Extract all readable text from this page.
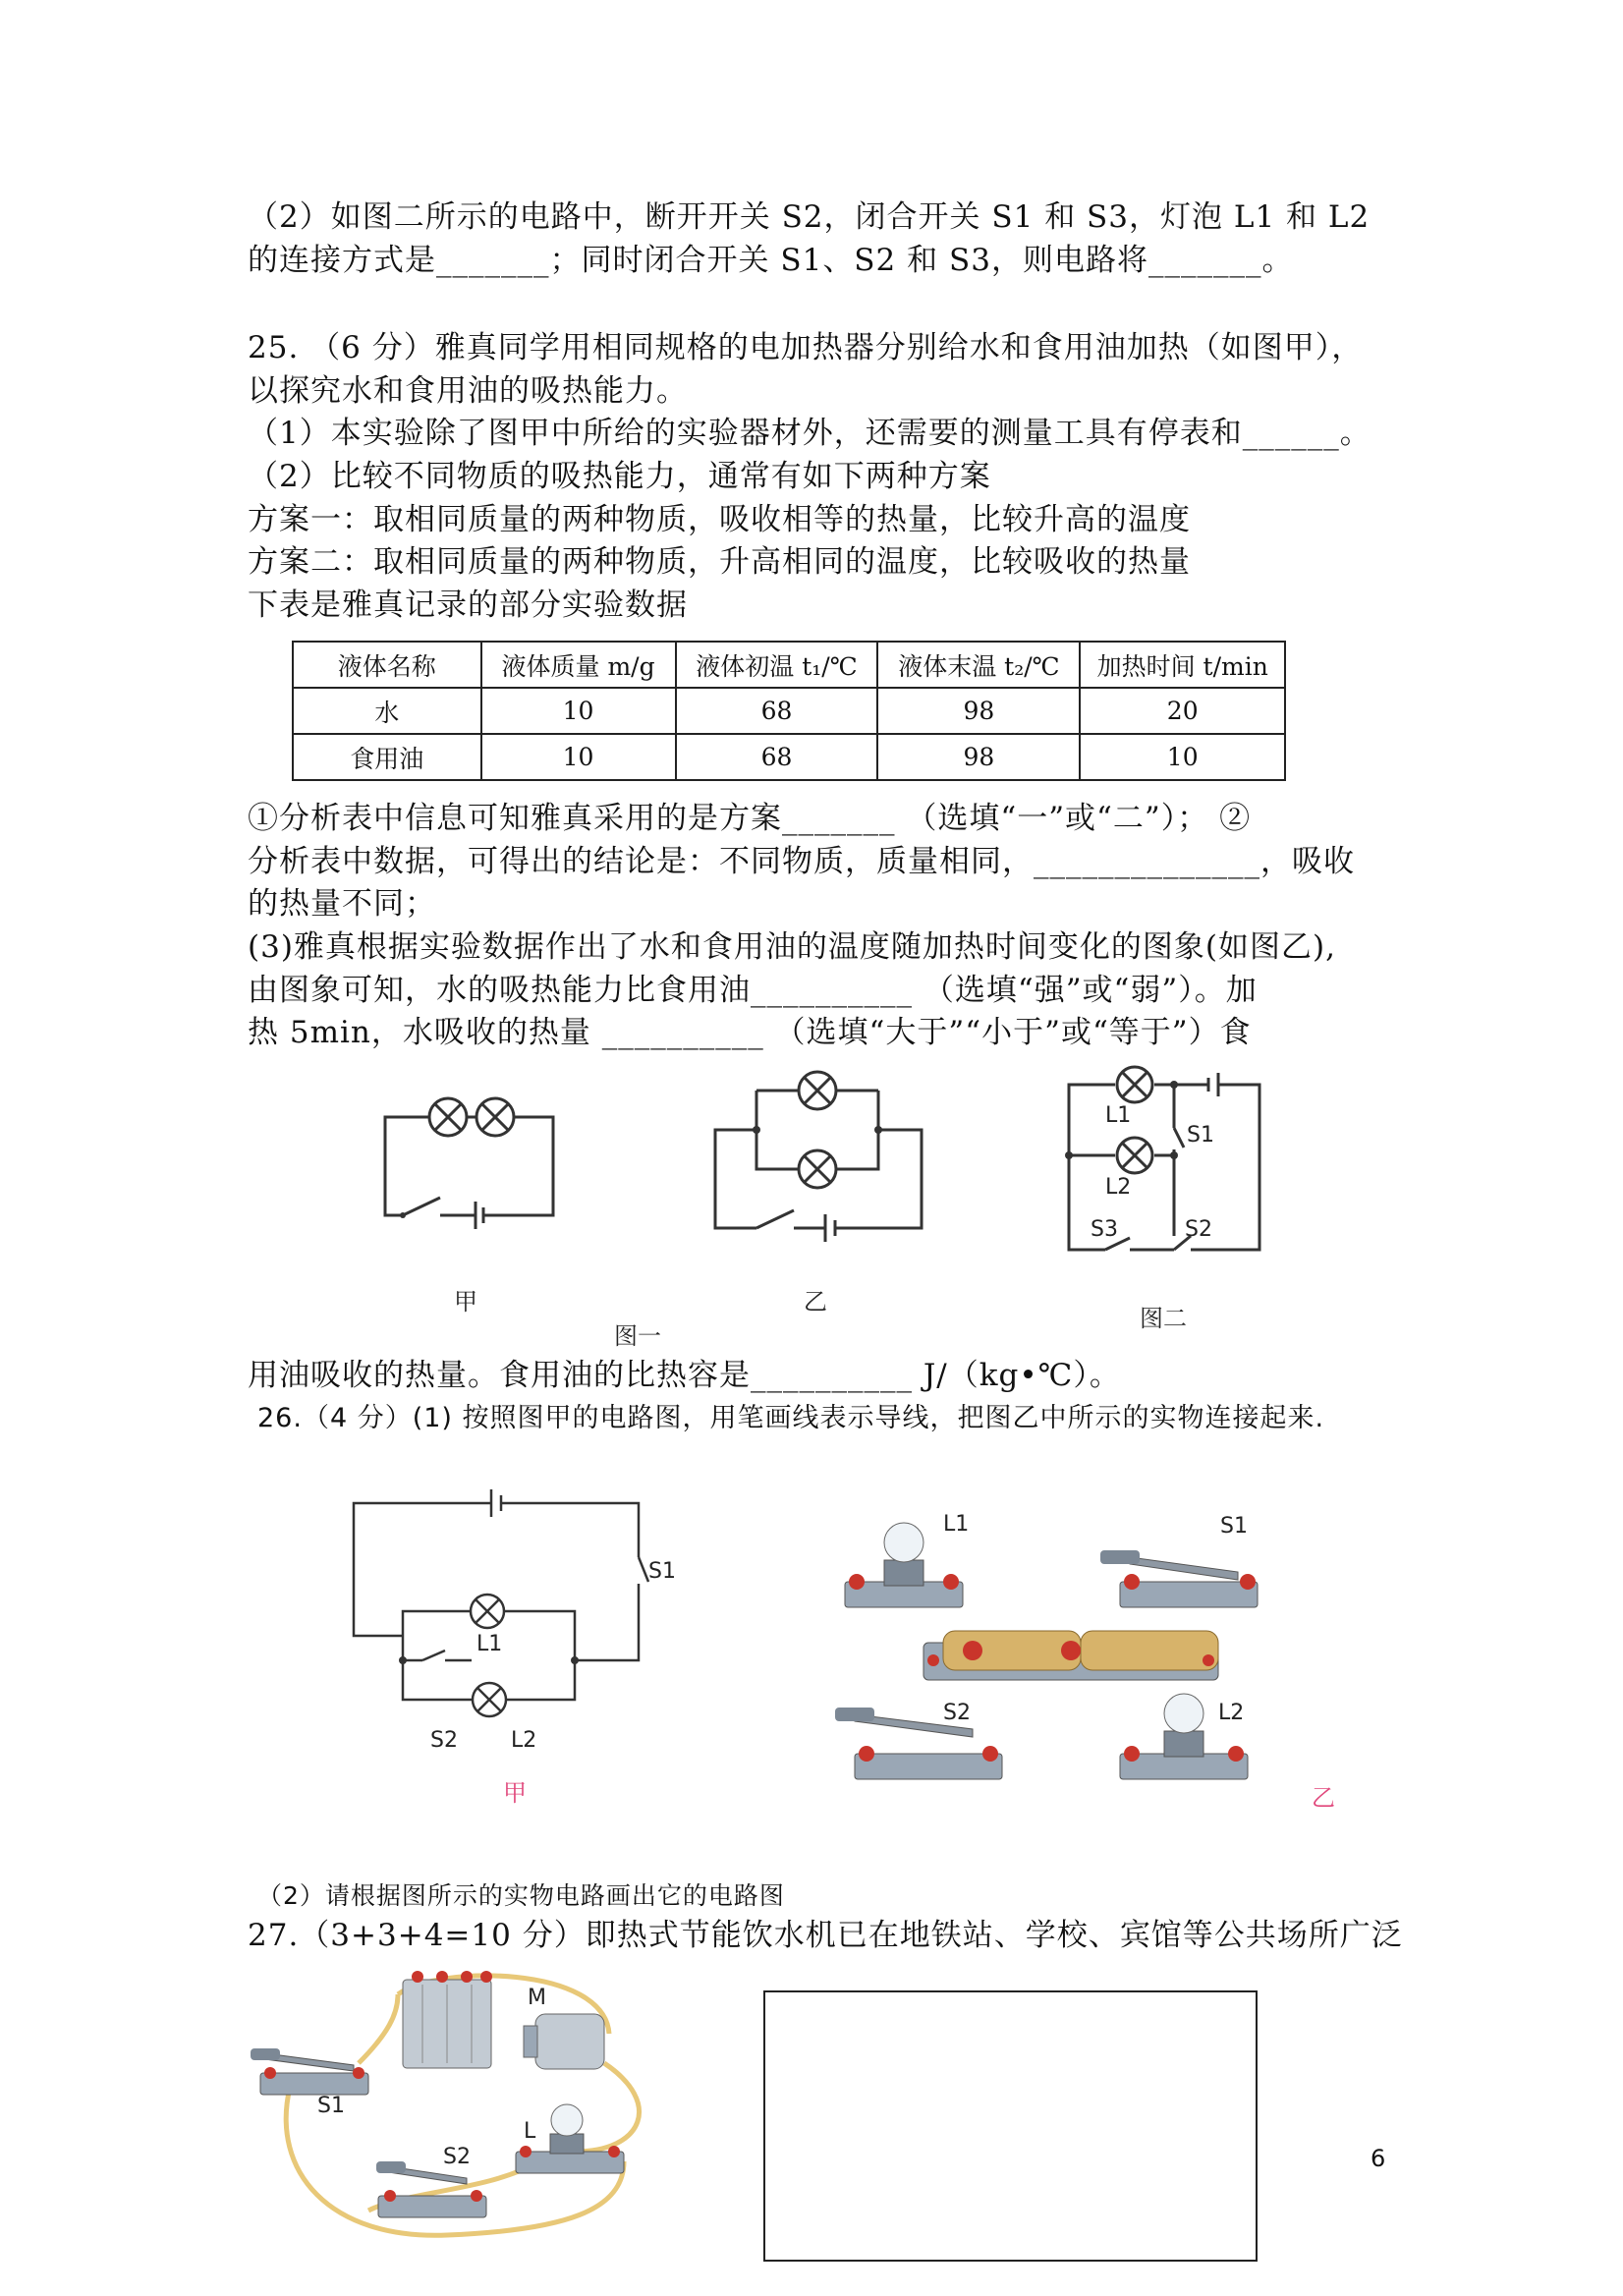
（2）如图二所示的电路中，断开开关 S2，闭合开关 S1 和 S3，灯泡 L1 和 L2
的连接方式是_______；同时闭合开关 S1、S2 和 S3，则电路将_______。
25. （6 分）雅真同学用相同规格的电加热器分别给水和食用油加热（如图甲），
以探究水和食用油的吸热能力。
（1）本实验除了图甲中所给的实验器材外，还需要的测量工具有停表和______。
（2）比较不同物质的吸热能力，通常有如下两种方案
方案一：取相同质量的两种物质，吸收相等的热量，比较升高的温度
方案二：取相同质量的两种物质，升高相同的温度，比较吸收的热量
下表是雅真记录的部分实验数据
液体名称	液体质量 m/g	液体初温 t₁/℃	液体末温 t₂/℃	加热时间 t/min
水	10	68	98	20
食用油	10	68	98	10
①分析表中信息可知雅真采用的是方案_______ （选填“一”或“二”）； ②
分析表中数据，可得出的结论是：不同物质，质量相同，______________，吸收
的热量不同；
(3)雅真根据实验数据作出了水和食用油的温度随加热时间变化的图象(如图乙),
由图象可知，水的吸热能力比食用油__________ （选填“强”或“弱”）。加
热 5min，水吸收的热量 __________ （选填“大于”“小于”或“等于”）食
L1
L2
S1
S3	S2
甲	乙
图一
图二
用油吸收的热量。食用油的比热容是__________ J/（kg•℃）。
26.（4 分）(1) 按照图甲的电路图，用笔画线表示导线，把图乙中所示的实物连接起来.
S1
L1
S2 L2
甲
L1	S1
S2	L2
乙
（2）请根据图所示的实物电路画出它的电路图
27.（3+3+4=10 分）即热式节能饮水机已在地铁站、学校、宾馆等公共场所广泛
M
S1
S2
L
6
